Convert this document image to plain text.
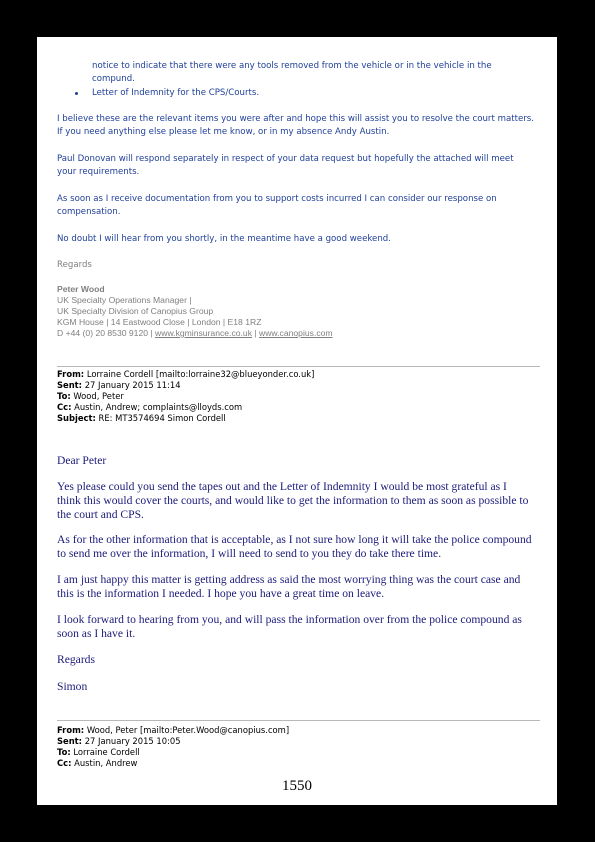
notice to indicate that there were any tools removed from the vehicle or in the vehicle in the
compund.
Letter of Indemnity for the CPS/Courts.
I believe these are the relevant items you were after and hope this will assist you to resolve the court matters.
If you need anything else please let me know, or in my absence Andy Austin.
Paul Donovan will respond separately in respect of your data request but hopefully the attached will meet
your requirements.
As soon as I receive documentation from you to support costs incurred I can consider our response on
compensation.
No doubt I will hear from you shortly, in the meantime have a good weekend.
Regards
Peter Wood
UK Specialty Operations Manager |
UK Specialty Division of Canopius Group
KGM House | 14 Eastwood Close | London | E18 1RZ
D +44 (0) 20 8530 9120 | www.kgminsurance.co.uk | www.canopius.com
From: Lorraine Cordell [mailto:lorraine32@blueyonder.co.uk]
Sent: 27 January 2015 11:14
To: Wood, Peter
Cc: Austin, Andrew; complaints@lloyds.com
Subject: RE: MT3574694 Simon Cordell
Dear Peter
Yes please could you send the tapes out and the Letter of Indemnity I would be most grateful as I
think this would cover the courts, and would like to get the information to them as soon as possible to
the court and CPS.
As for the other information that is acceptable, as I not sure how long it will take the police compound
to send me over the information, I will need to send to you they do take there time.
I am just happy this matter is getting address as said the most worrying thing was the court case and
this is the information I needed. I hope you have a great time on leave.
I look forward to hearing from you, and will pass the information over from the police compound as
soon as I have it.
Regards
Simon
From: Wood, Peter [mailto:Peter.Wood@canopius.com]
Sent: 27 January 2015 10:05
To: Lorraine Cordell
Cc: Austin, Andrew
1550
